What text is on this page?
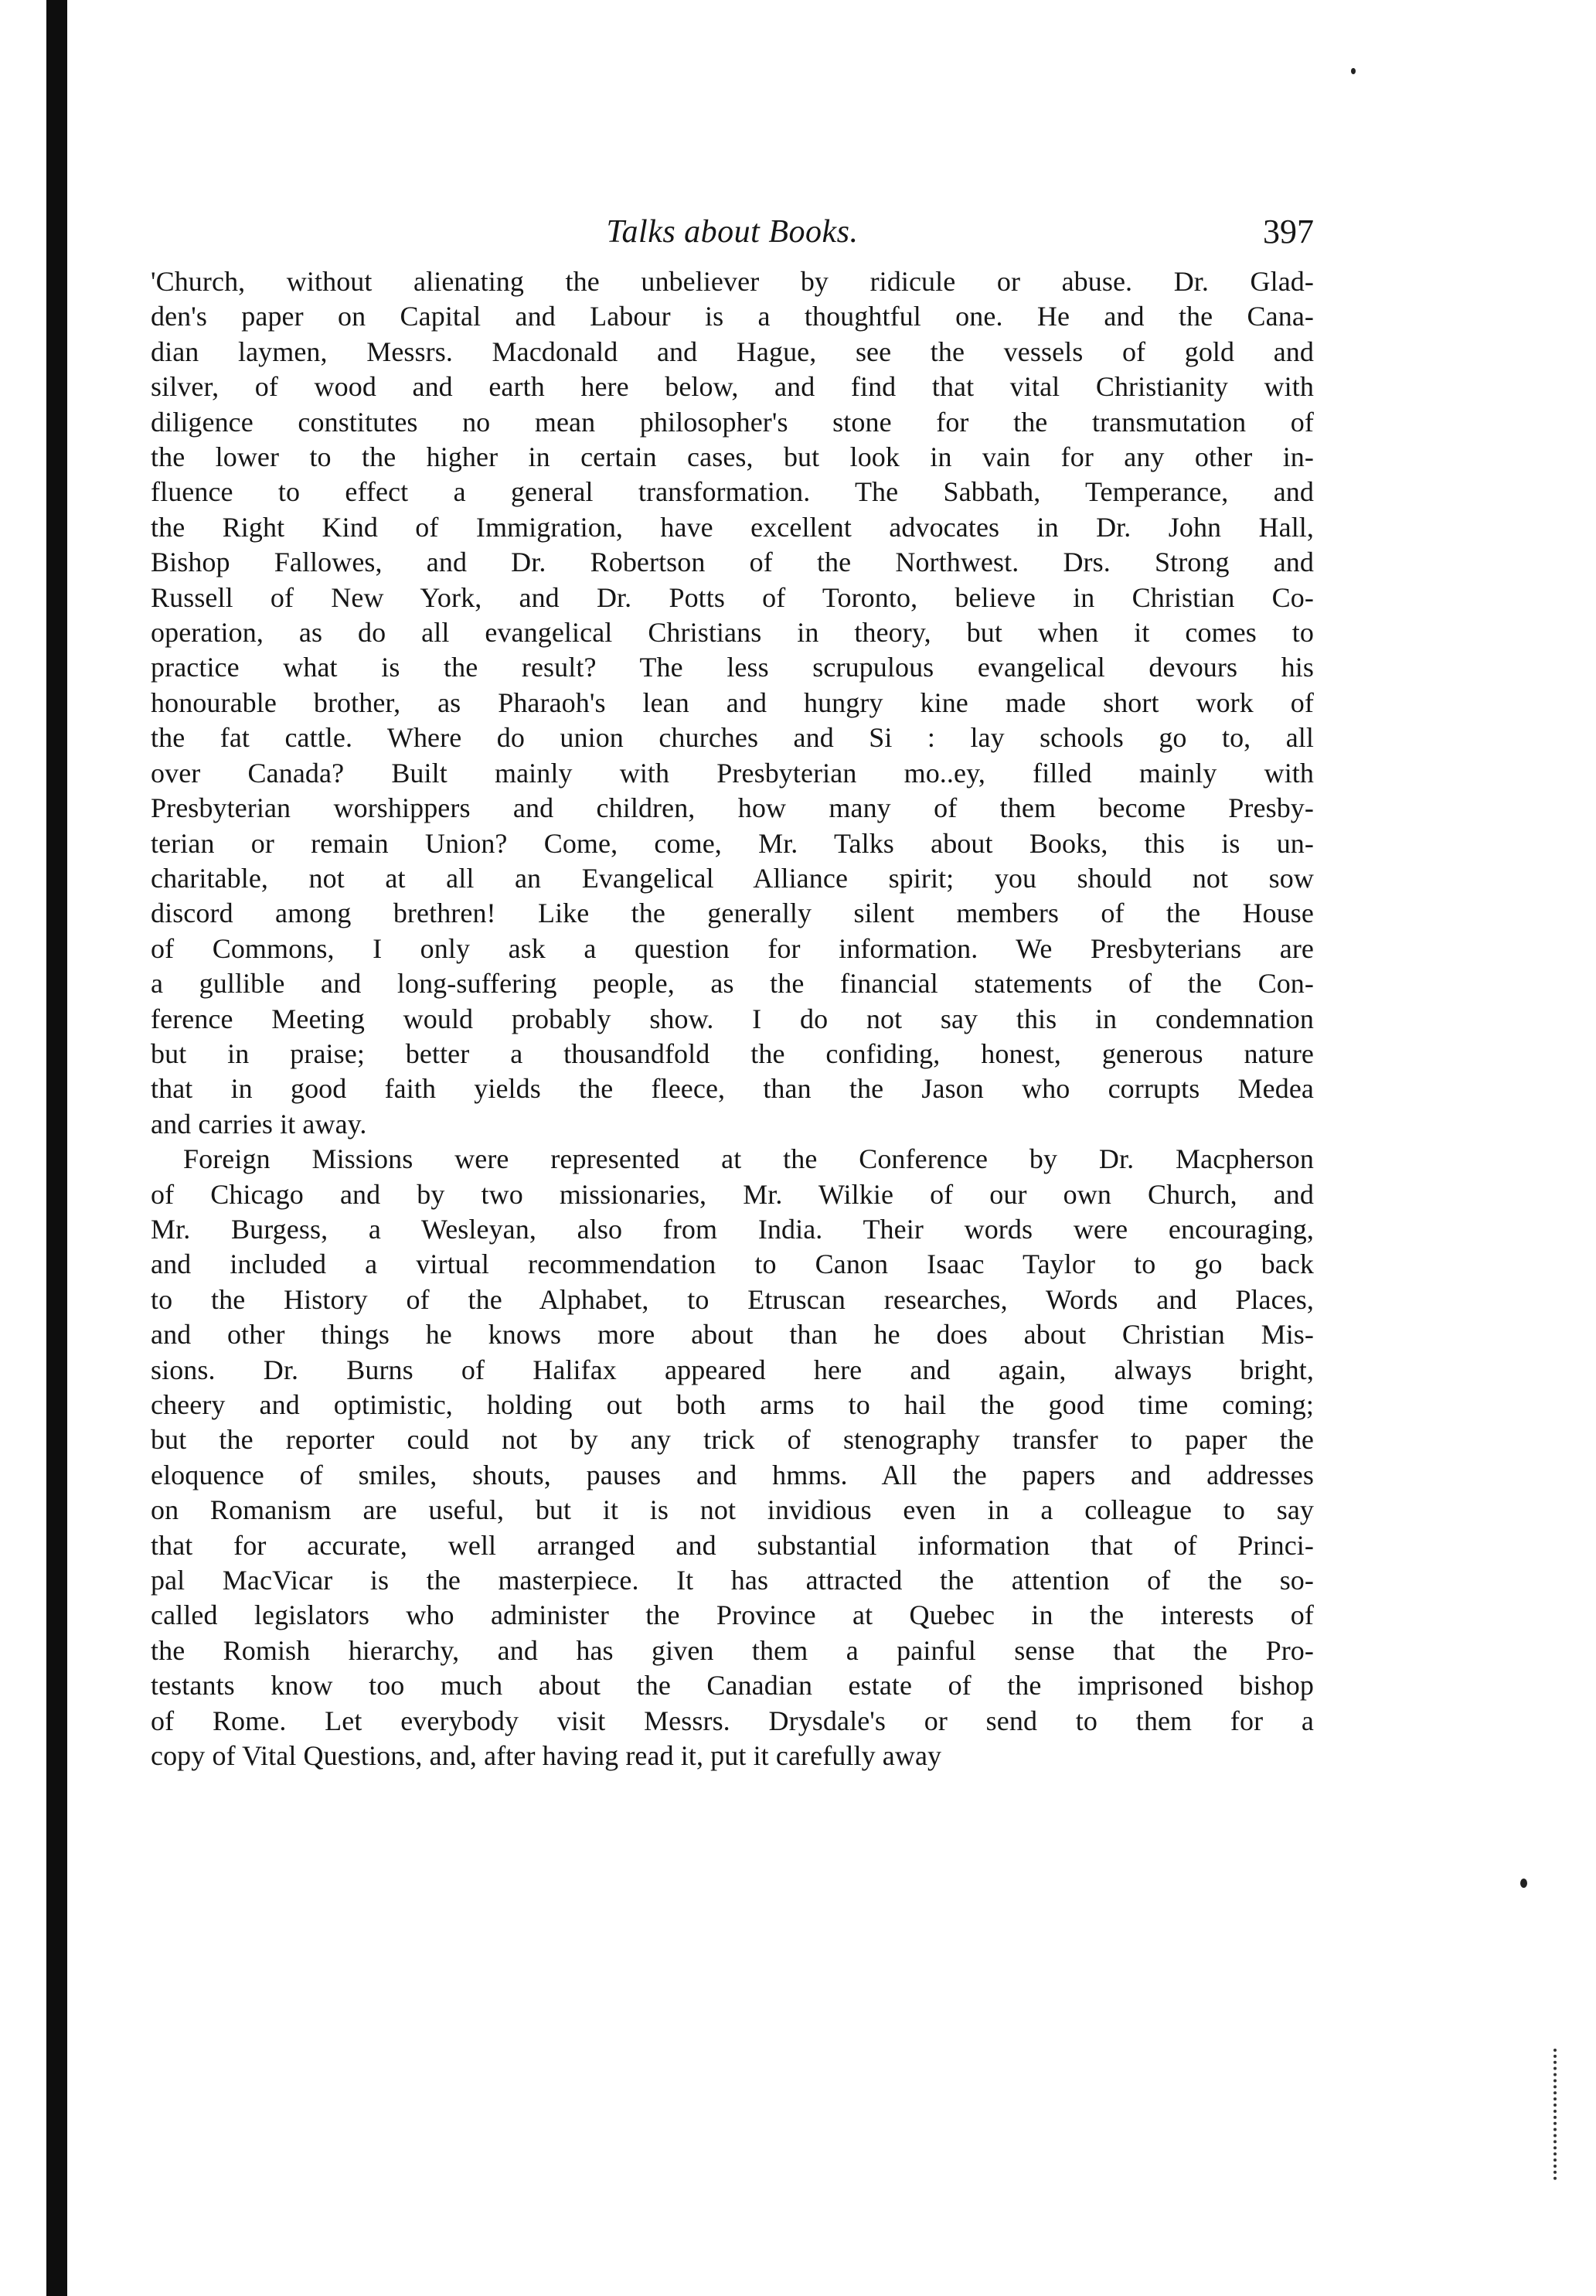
Talks about Books.	397

'Church, without alienating the unbeliever by ridicule or abuse. Dr. Glad-

den's paper on Capital and Labour is a thoughtful one. He and the Cana-

dian laymen, Messrs. Macdonald and Hague, see the vessels of gold and

silver, of wood and earth here below, and find that vital Christianity with

diligence constitutes no mean philosopher's stone for the transmutation of

the lower to the higher in certain cases, but look in vain for any other in-

fluence to effect a general transformation. The Sabbath, Temperance, and

the Right Kind of Immigration, have excellent advocates in Dr. John Hall,

Bishop Fallowes, and Dr. Robertson of the Northwest. Drs. Strong and

Russell of New York, and Dr. Potts of Toronto, believe in Christian Co-

operation, as do all evangelical Christians in theory, but when it comes to

practice what is the result? The less scrupulous evangelical devours his

honourable brother, as Pharaoh's lean and hungry kine made short work of

the fat cattle. Where do union churches and Si : lay schools go to, all

over Canada? Built mainly with Presbyterian mo..ey, filled mainly with

Presbyterian worshippers and children, how many of them become Presby-

terian or remain Union? Come, come, Mr. Talks about Books, this is un-

charitable, not at all an Evangelical Alliance spirit; you should not sow

discord among brethren! Like the generally silent members of the House

of Commons, I only ask a question for information. We Presbyterians are

a gullible and long-suffering people, as the financial statements of the Con-

ference Meeting would probably show. I do not say this in condemnation

but in praise; better a thousandfold the confiding, honest, generous nature

that in good faith yields the fleece, than the Jason who corrupts Medea

and carries it away.

Foreign Missions were represented at the Conference by Dr. Macpherson

of Chicago and by two missionaries, Mr. Wilkie of our own Church, and

Mr. Burgess, a Wesleyan, also from India. Their words were encouraging,

and included a virtual recommendation to Canon Isaac Taylor to go back

to the History of the Alphabet, to Etruscan researches, Words and Places,

and other things he knows more about than he does about Christian Mis-

sions. Dr. Burns of Halifax appeared here and again, always bright,

cheery and optimistic, holding out both arms to hail the good time coming;

but the reporter could not by any trick of stenography transfer to paper the

eloquence of smiles, shouts, pauses and hmms. All the papers and addresses

on Romanism are useful, but it is not invidious even in a colleague to say

that for accurate, well arranged and substantial information that of Princi-

pal MacVicar is the masterpiece. It has attracted the attention of the so-

called legislators who administer the Province at Quebec in the interests of

the Romish hierarchy, and has given them a painful sense that the Pro-

testants know too much about the Canadian estate of the imprisoned bishop

of Rome. Let everybody visit Messrs. Drysdale's or send to them for a

copy of Vital Questions, and, after having read it, put it carefully away
